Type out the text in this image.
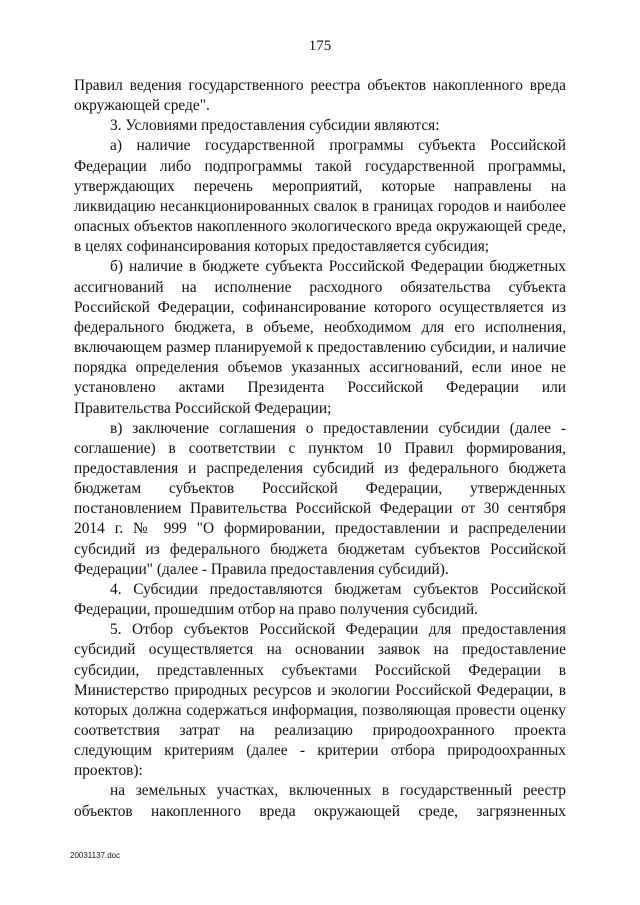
175

Правил ведения государственного реестра объектов накопленного вреда окружающей среде".

3. Условиями предоставления субсидии являются:

а) наличие государственной программы субъекта Российской Федерации либо подпрограммы такой государственной программы, утверждающих перечень мероприятий, которые направлены на ликвидацию несанкционированных свалок в границах городов и наиболее опасных объектов накопленного экологического вреда окружающей среде, в целях софинансирования которых предоставляется субсидия;

б) наличие в бюджете субъекта Российской Федерации бюджетных ассигнований на исполнение расходного обязательства субъекта Российской Федерации, софинансирование которого осуществляется из федерального бюджета, в объеме, необходимом для его исполнения, включающем размер планируемой к предоставлению субсидии, и наличие порядка определения объемов указанных ассигнований, если иное не установлено актами Президента Российской Федерации или Правительства Российской Федерации;

в) заключение соглашения о предоставлении субсидии (далее - соглашение) в соответствии с пунктом 10 Правил формирования, предоставления и распределения субсидий из федерального бюджета бюджетам субъектов Российской Федерации, утвержденных постановлением Правительства Российской Федерации от 30 сентября 2014 г. № 999 "О формировании, предоставлении и распределении субсидий из федерального бюджета бюджетам субъектов Российской Федерации" (далее - Правила предоставления субсидий).

4. Субсидии предоставляются бюджетам субъектов Российской Федерации, прошедшим отбор на право получения субсидий.

5. Отбор субъектов Российской Федерации для предоставления субсидий осуществляется на основании заявок на предоставление субсидии, представленных субъектами Российской Федерации в Министерство природных ресурсов и экологии Российской Федерации, в которых должна содержаться информация, позволяющая провести оценку соответствия затрат на реализацию природоохранного проекта следующим критериям (далее - критерии отбора природоохранных проектов):

на земельных участках, включенных в государственный реестр объектов накопленного вреда окружающей среде, загрязненных

20031137.doc
